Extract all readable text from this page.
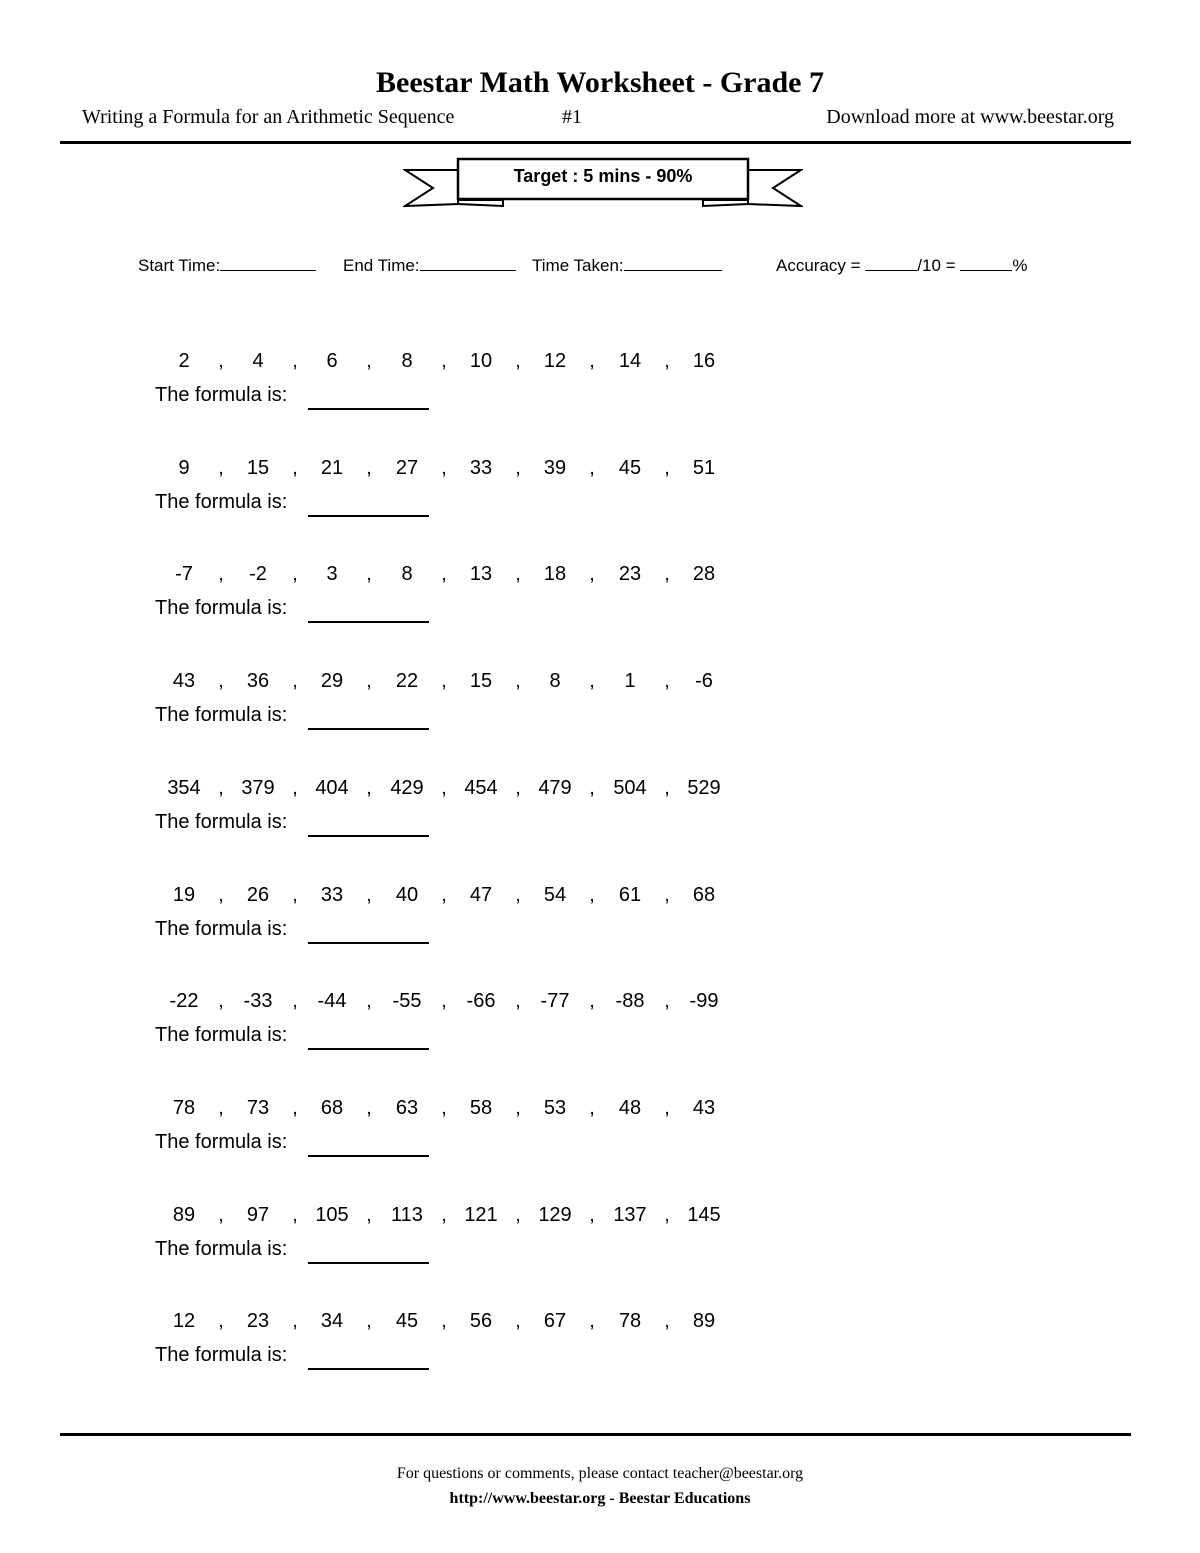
Beestar Math Worksheet - Grade 7
Writing a Formula for an Arithmetic Sequence	#1	Download more at www.beestar.org
Target : 5 mins - 90%
Start Time:	End Time:	Time Taken:	Accuracy =	/10 =	%
2	,	4	,	6	,	8	,	10	,	12	,	14	,	16
The formula is:
9	,	15	,	21	,	27	,	33	,	39	,	45	,	51
The formula is:
-7	,	-2	,	3	,	8	,	13	,	18	,	23	,	28
The formula is:
43	,	36	,	29	,	22	,	15	,	8	,	1	,	-6
The formula is:
354 , 379 , 404 , 429 , 454 , 479 , 504 , 529
The formula is:
19	,	26	,	33	,	40	,	47	,	54	,	61	,	68
The formula is:
-22 , -33 , -44 ,	-55 , -66 , -77 ,	-88 , -99
The formula is:
78	,	73	,	68	,	63	,	58	,	53	,	48	,	43
The formula is:
89	,	97	, 105 , 113 , 121 , 129 , 137 , 145
The formula is:
12	,	23	,	34	,	45	,	56	,	67	,	78	,	89
The formula is:
For questions or comments, please contact teacher@beestar.org
http://www.beestar.org - Beestar Educations
